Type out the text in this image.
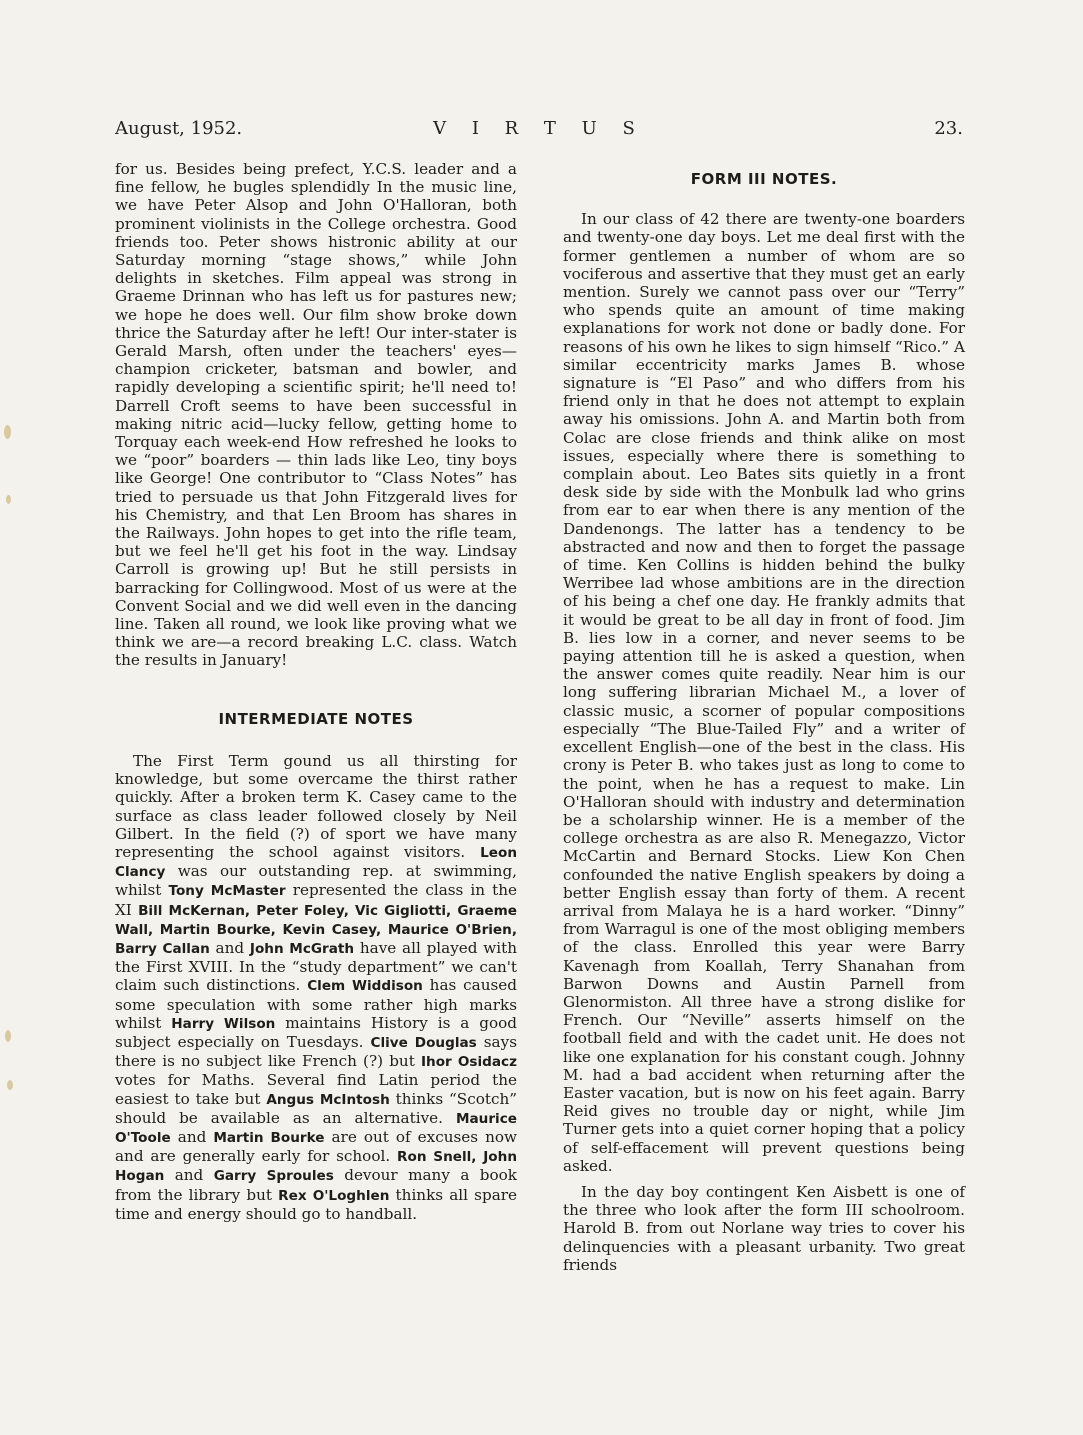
August, 1952.	V I R T U S	23.

for us. Besides being prefect, Y.C.S. leader and a fine fellow, he bugles splendidly In the music line, we have Peter Alsop and John O'Halloran, both prominent violinists in the College orchestra. Good friends too. Peter shows histronic ability at our Saturday morning “stage shows,” while John delights in sketches. Film appeal was strong in Graeme Drinnan who has left us for pastures new; we hope he does well. Our film show broke down thrice the Saturday after he left! Our inter-stater is Gerald Marsh, often under the teachers' eyes—champion cricketer, batsman and bowler, and rapidly developing a scientific spirit; he'll need to! Darrell Croft seems to have been successful in making nitric acid—lucky fellow, getting home to Torquay each week-end How refreshed he looks to we “poor” boarders — thin lads like Leo, tiny boys like George! One contributor to “Class Notes” has tried to persuade us that John Fitzgerald lives for his Chemistry, and that Len Broom has shares in the Railways. John hopes to get into the rifle team, but we feel he'll get his foot in the way. Lindsay Carroll is growing up! But he still persists in barracking for Collingwood. Most of us were at the Convent Social and we did well even in the dancing line. Taken all round, we look like proving what we think we are—a record breaking L.C. class. Watch the results in January!

INTERMEDIATE NOTES

The First Term gound us all thirsting for knowledge, but some overcame the thirst rather quickly. After a broken term K. Casey came to the surface as class leader followed closely by Neil Gilbert. In the field (?) of sport we have many representing the school against visitors. Leon Clancy was our outstanding rep. at swimming, whilst Tony McMaster represented the class in the XI Bill McKernan, Peter Foley, Vic Gigliotti, Graeme Wall, Martin Bourke, Kevin Casey, Maurice O'Brien, Barry Callan and John McGrath have all played with the First XVIII. In the “study department” we can't claim such distinctions. Clem Widdison has caused some speculation with some rather high marks whilst Harry Wilson maintains History is a good subject especially on Tuesdays. Clive Douglas says there is no subject like French (?) but Ihor Osidacz votes for Maths. Several find Latin period the easiest to take but Angus McIntosh thinks “Scotch” should be available as an alternative. Maurice O'Toole and Martin Bourke are out of excuses now and are generally early for school. Ron Snell, John Hogan and Garry Sproules devour many a book from the library but Rex O'Loghlen thinks all spare time and energy should go to handball.

FORM III NOTES.

In our class of 42 there are twenty-one boarders and twenty-one day boys. Let me deal first with the former gentlemen a number of whom are so vociferous and assertive that they must get an early mention. Surely we cannot pass over our “Terry” who spends quite an amount of time making explanations for work not done or badly done. For reasons of his own he likes to sign himself “Rico.” A similar eccentricity marks James B. whose signature is “El Paso” and who differs from his friend only in that he does not attempt to explain away his omissions. John A. and Martin both from Colac are close friends and think alike on most issues, especially where there is something to complain about. Leo Bates sits quietly in a front desk side by side with the Monbulk lad who grins from ear to ear when there is any mention of the Dandenongs. The latter has a tendency to be abstracted and now and then to forget the passage of time. Ken Collins is hidden behind the bulky Werribee lad whose ambitions are in the direction of his being a chef one day. He frankly admits that it would be great to be all day in front of food. Jim B. lies low in a corner, and never seems to be paying attention till he is asked a question, when the answer comes quite readily. Near him is our long suffering librarian Michael M., a lover of classic music, a scorner of popular compositions especially “The Blue-Tailed Fly” and a writer of excellent English—one of the best in the class. His crony is Peter B. who takes just as long to come to the point, when he has a request to make. Lin O'Halloran should with industry and determination be a scholarship winner. He is a member of the college orchestra as are also R. Menegazzo, Victor McCartin and Bernard Stocks. Liew Kon Chen confounded the native English speakers by doing a better English essay than forty of them. A recent arrival from Malaya he is a hard worker. “Dinny” from Warragul is one of the most obliging members of the class. Enrolled this year were Barry Kavenagh from Koallah, Terry Shanahan from Barwon Downs and Austin Parnell from Glenormiston. All three have a strong dislike for French. Our “Neville” asserts himself on the football field and with the cadet unit. He does not like one explanation for his constant cough. Johnny M. had a bad accident when returning after the Easter vacation, but is now on his feet again. Barry Reid gives no trouble day or night, while Jim Turner gets into a quiet corner hoping that a policy of self-effacement will prevent questions being asked.

In the day boy contingent Ken Aisbett is one of the three who look after the form III schoolroom. Harold B. from out Norlane way tries to cover his delinquencies with a pleasant urbanity. Two great friends
